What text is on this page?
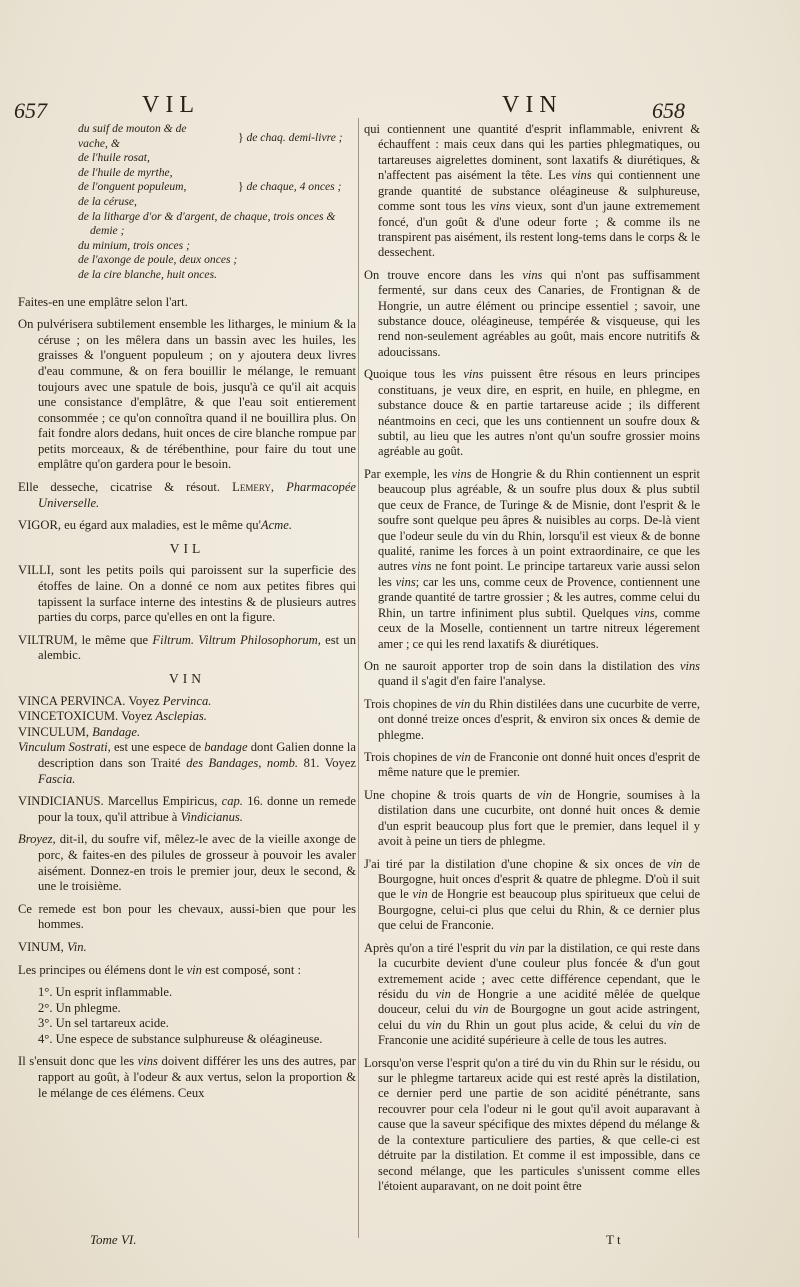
657	VIL	VIN	658
du suif de mouton & de
vache, &	} de chaq. demi-livre ;
de l'huile rosat,
de l'huile de myrthe,
de l'onguent populeum,	} de chaque, 4 onces ;
de la céruse,
de la litharge d'or & d'argent, de chaque, trois onces & demie ;
du minium, trois onces ;
de l'axonge de poule, deux onces ;
de la cire blanche, huit onces.

Faites-en une emplâtre selon l'art.

On pulvérisera subtilement ensemble les litharges, le minium & la céruse ; on les mêlera dans un bassin avec les huiles, les graisses & l'onguent populeum ; on y ajoutera deux livres d'eau commune, & on fera bouillir le mélange, le remuant toujours avec une spatule de bois, jusqu'à ce qu'il ait acquis une consistance d'emplâtre, & que l'eau soit entierement consommée ; ce qu'on connoîtra quand il ne bouillira plus. On fait fondre alors dedans, huit onces de cire blanche rompue par petits morceaux, & de térébenthine, pour faire du tout une emplâtre qu'on gardera pour le besoin.

Elle desseche, cicatrise & résout. Lemery, Pharmacopée Universelle.

VIGOR, eu égard aux maladies, est le même qu'Acme.

VIL

VILLI, sont les petits poils qui paroissent sur la superficie des étoffes de laine. On a donné ce nom aux petites fibres qui tapissent la surface interne des intestins & de plusieurs autres parties du corps, parce qu'elles en ont la figure.

VILTRUM, le même que Filtrum. Viltrum Philosophorum, est un alembic.

VIN

VINCA PERVINCA. Voyez Pervinca.

VINCETOXICUM. Voyez Asclepias.

VINCULUM, Bandage.

Vinculum Sostrati, est une espece de bandage dont Galien donne la description dans son Traité des Bandages, nomb. 81. Voyez Fascia.

VINDICIANUS. Marcellus Empiricus, cap. 16. donne un remede pour la toux, qu'il attribue à Vindicianus.

Broyez, dit-il, du soufre vif, mêlez-le avec de la vieille axonge de porc, & faites-en des pilules de grosseur à pouvoir les avaler aisément. Donnez-en trois le premier jour, deux le second, & une le troisième.

Ce remede est bon pour les chevaux, aussi-bien que pour les hommes.

VINUM, Vin.

Les principes ou élémens dont le vin est composé, sont :

1°. Un esprit inflammable.
2°. Un phlegme.
3°. Un sel tartareux acide.
4°. Une espece de substance sulphureuse & oléagineuse.

Il s'ensuit donc que les vins doivent différer les uns des autres, par rapport au goût, à l'odeur & aux vertus, selon la proportion & le mélange de ces élémens. Ceux

qui contiennent une quantité d'esprit inflammable, enivrent & échauffent : mais ceux dans qui les parties phlegmatiques, ou tartareuses aigrelettes dominent, sont laxatifs & diurétiques, & n'affectent pas aisément la tête. Les vins qui contiennent une grande quantité de substance oléagineuse & sulphureuse, comme sont tous les vins vieux, sont d'un jaune extremement foncé, d'un goût & d'une odeur forte ; & comme ils ne transpirent pas aisément, ils restent long-tems dans le corps & le dessechent.

On trouve encore dans les vins qui n'ont pas suffisamment fermenté, sur dans ceux des Canaries, de Frontignan & de Hongrie, un autre élément ou principe essentiel ; savoir, une substance douce, oléagineuse, tempérée & visqueuse, qui les rend non-seulement agréables au goût, mais encore nutritifs & adoucissans.

Quoique tous les vins puissent être résous en leurs principes constituans, je veux dire, en esprit, en huile, en phlegme, en substance douce & en partie tartareuse acide ; ils different néantmoins en ceci, que les uns contiennent un soufre doux & subtil, au lieu que les autres n'ont qu'un soufre grossier moins agréable au goût.

Par exemple, les vins de Hongrie & du Rhin contiennent un esprit beaucoup plus agréable, & un soufre plus doux & plus subtil que ceux de France, de Turinge & de Misnie, dont l'esprit & le soufre sont quelque peu âpres & nuisibles au corps. De-là vient que l'odeur seule du vin du Rhin, lorsqu'il est vieux & de bonne qualité, ranime les forces à un point extraordinaire, ce que les autres vins ne font point. Le principe tartareux varie aussi selon les vins; car les uns, comme ceux de Provence, contiennent une grande quantité de tartre grossier ; & les autres, comme celui du Rhin, un tartre infiniment plus subtil. Quelques vins, comme ceux de la Moselle, contiennent un tartre nitreux légerement amer ; ce qui les rend laxatifs & diurétiques.

On ne sauroit apporter trop de soin dans la distilation des vins quand il s'agit d'en faire l'analyse.

Trois chopines de vin du Rhin distilées dans une cucurbite de verre, ont donné treize onces d'esprit, & environ six onces & demie de phlegme.

Trois chopines de vin de Franconie ont donné huit onces d'esprit de même nature que le premier.

Une chopine & trois quarts de vin de Hongrie, soumises à la distilation dans une cucurbite, ont donné huit onces & demie d'un esprit beaucoup plus fort que le premier, dans lequel il y avoit à peine un tiers de phlegme.

J'ai tiré par la distilation d'une chopine & six onces de vin de Bourgogne, huit onces d'esprit & quatre de phlegme. D'où il suit que le vin de Hongrie est beaucoup plus spiritueux que celui de Bourgogne, celui-ci plus que celui du Rhin, & ce dernier plus que celui de Franconie.

Après qu'on a tiré l'esprit du vin par la distilation, ce qui reste dans la cucurbite devient d'une couleur plus foncée & d'un gout extremement acide ; avec cette différence cependant, que le résidu du vin de Hongrie a une acidité mêlée de quelque douceur, celui du vin de Bourgogne un gout acide astringent, celui du vin du Rhin un gout plus acide, & celui du vin de Franconie une acidité supérieure à celle de tous les autres.

Lorsqu'on verse l'esprit qu'on a tiré du vin du Rhin sur le résidu, ou sur le phlegme tartareux acide qui est resté après la distilation, ce dernier perd une partie de son acidité pénétrante, sans recouvrer pour cela l'odeur ni le gout qu'il avoit auparavant à cause que la saveur spécifique des mixtes dépend du mélange & de la contexture particuliere des parties, & que celle-ci est détruite par la distilation. Et comme il est impossible, dans ce second mélange, que les particules s'unissent comme elles l'étoient auparavant, on ne doit point être

Tome VI.	T t
